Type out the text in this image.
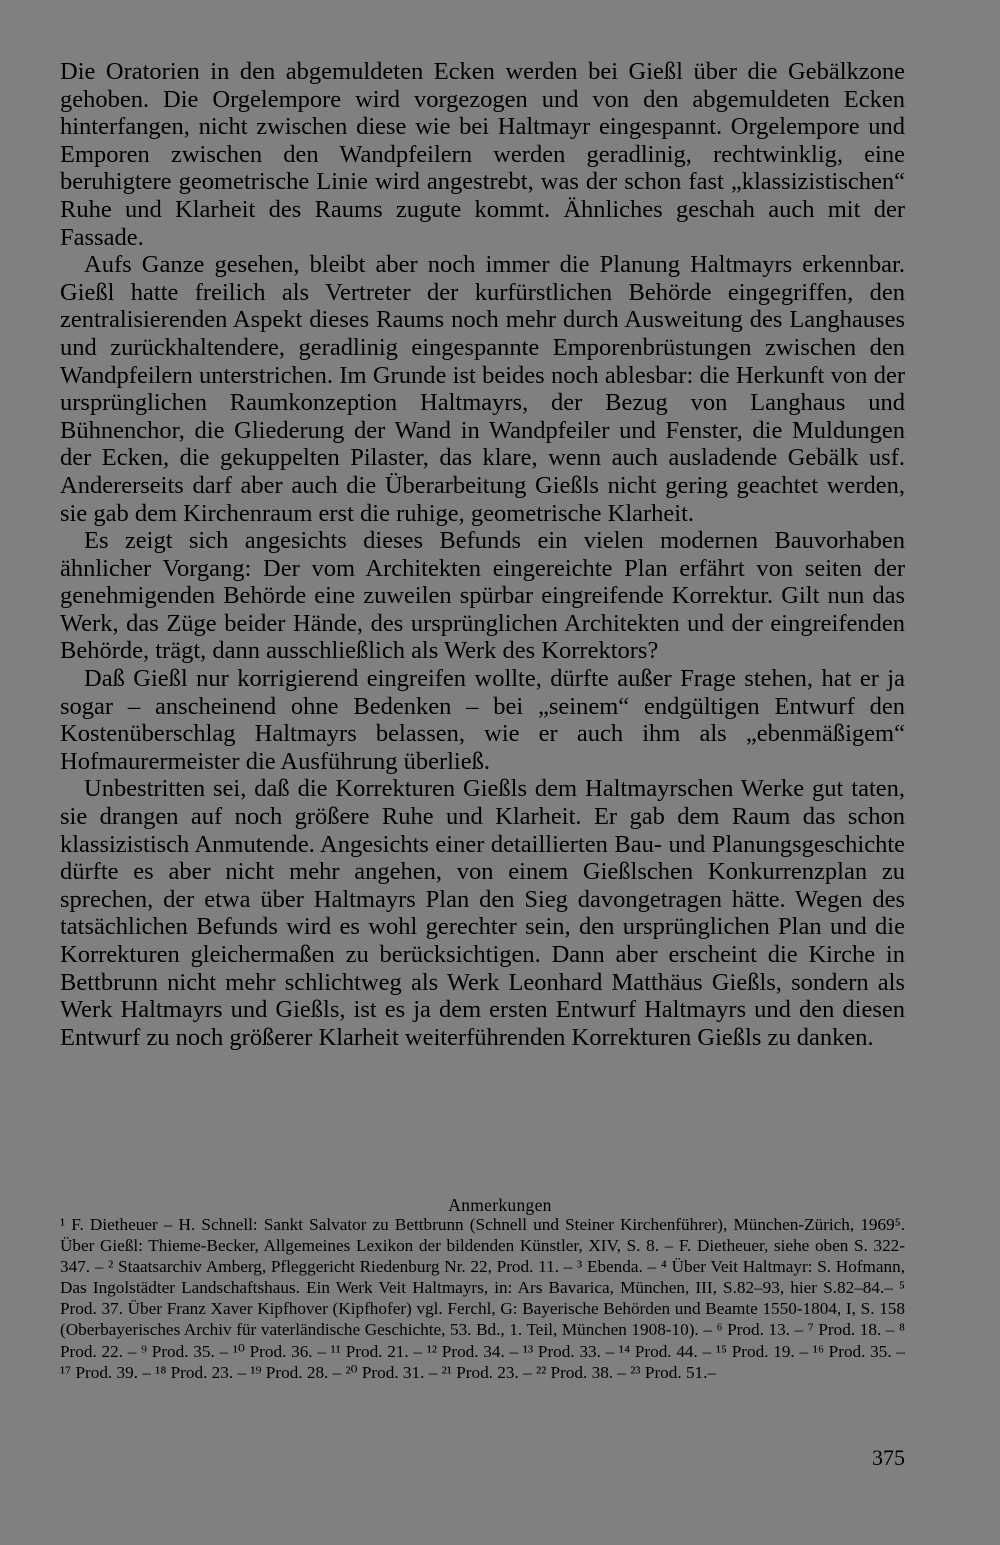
Die Oratorien in den abgemuldeten Ecken werden bei Gießl über die Gebälkzone gehoben. Die Orgelempore wird vorgezogen und von den abgemuldeten Ecken hinterfangen, nicht zwischen diese wie bei Haltmayr eingespannt. Orgelempore und Emporen zwischen den Wandpfeilern werden geradlinig, rechtwinklig, eine beruhigtere geometrische Linie wird angestrebt, was der schon fast „klassizistischen“ Ruhe und Klarheit des Raums zugute kommt. Ähnliches geschah auch mit der Fassade.

Aufs Ganze gesehen, bleibt aber noch immer die Planung Haltmayrs erkennbar. Gießl hatte freilich als Vertreter der kurfürstlichen Behörde eingegriffen, den zentralisierenden Aspekt dieses Raums noch mehr durch Ausweitung des Langhauses und zurückhaltendere, geradlinig eingespannte Emporenbrüstungen zwischen den Wandpfeilern unterstrichen. Im Grunde ist beides noch ablesbar: die Herkunft von der ursprünglichen Raumkonzeption Haltmayrs, der Bezug von Langhaus und Bühnenchor, die Gliederung der Wand in Wandpfeiler und Fenster, die Muldungen der Ecken, die gekuppelten Pilaster, das klare, wenn auch ausladende Gebälk usf. Andererseits darf aber auch die Überarbeitung Gießls nicht gering geachtet werden, sie gab dem Kirchenraum erst die ruhige, geometrische Klarheit.

Es zeigt sich angesichts dieses Befunds ein vielen modernen Bauvorhaben ähnlicher Vorgang: Der vom Architekten eingereichte Plan erfährt von seiten der genehmigenden Behörde eine zuweilen spürbar eingreifende Korrektur. Gilt nun das Werk, das Züge beider Hände, des ursprünglichen Architekten und der eingreifenden Behörde, trägt, dann ausschließlich als Werk des Korrektors?

Daß Gießl nur korrigierend eingreifen wollte, dürfte außer Frage stehen, hat er ja sogar – anscheinend ohne Bedenken – bei „seinem“ endgültigen Entwurf den Kostenüberschlag Haltmayrs belassen, wie er auch ihm als „ebenmäßigem“ Hofmaurermeister die Ausführung überließ.

Unbestritten sei, daß die Korrekturen Gießls dem Haltmayrschen Werke gut taten, sie drangen auf noch größere Ruhe und Klarheit. Er gab dem Raum das schon klassizistisch Anmutende. Angesichts einer detaillierten Bau- und Planungsgeschichte dürfte es aber nicht mehr angehen, von einem Gießlschen Konkurrenzplan zu sprechen, der etwa über Haltmayrs Plan den Sieg davongetragen hätte. Wegen des tatsächlichen Befunds wird es wohl gerechter sein, den ursprünglichen Plan und die Korrekturen gleichermaßen zu berücksichtigen. Dann aber erscheint die Kirche in Bettbrunn nicht mehr schlichtweg als Werk Leonhard Matthäus Gießls, sondern als Werk Haltmayrs und Gießls, ist es ja dem ersten Entwurf Haltmayrs und den diesen Entwurf zu noch größerer Klarheit weiterführenden Korrekturen Gießls zu danken.

Anmerkungen

¹ F. Dietheuer – H. Schnell: Sankt Salvator zu Bettbrunn (Schnell und Steiner Kirchenführer), München-Zürich, 1969⁵. Über Gießl: Thieme-Becker, Allgemeines Lexikon der bildenden Künstler, XIV, S. 8. – F. Dietheuer, siehe oben S. 322-347. – ² Staatsarchiv Amberg, Pfleggericht Riedenburg Nr. 22, Prod. 11. – ³ Ebenda. – ⁴ Über Veit Haltmayr: S. Hofmann, Das Ingolstädter Landschaftshaus. Ein Werk Veit Haltmayrs, in: Ars Bavarica, München, III, S.82–93, hier S.82–84.– ⁵ Prod. 37. Über Franz Xaver Kipfhover (Kipfhofer) vgl. Ferchl, G: Bayerische Behörden und Beamte 1550-1804, I, S. 158 (Oberbayerisches Archiv für vaterländische Geschichte, 53. Bd., 1. Teil, München 1908-10). – ⁶ Prod. 13. – ⁷ Prod. 18. – ⁸ Prod. 22. – ⁹ Prod. 35. – ¹⁰ Prod. 36. – ¹¹ Prod. 21. – ¹² Prod. 34. – ¹³ Prod. 33. – ¹⁴ Prod. 44. – ¹⁵ Prod. 19. – ¹⁶ Prod. 35. – ¹⁷ Prod. 39. – ¹⁸ Prod. 23. – ¹⁹ Prod. 28. – ²⁰ Prod. 31. – ²¹ Prod. 23. – ²² Prod. 38. – ²³ Prod. 51.–

375
